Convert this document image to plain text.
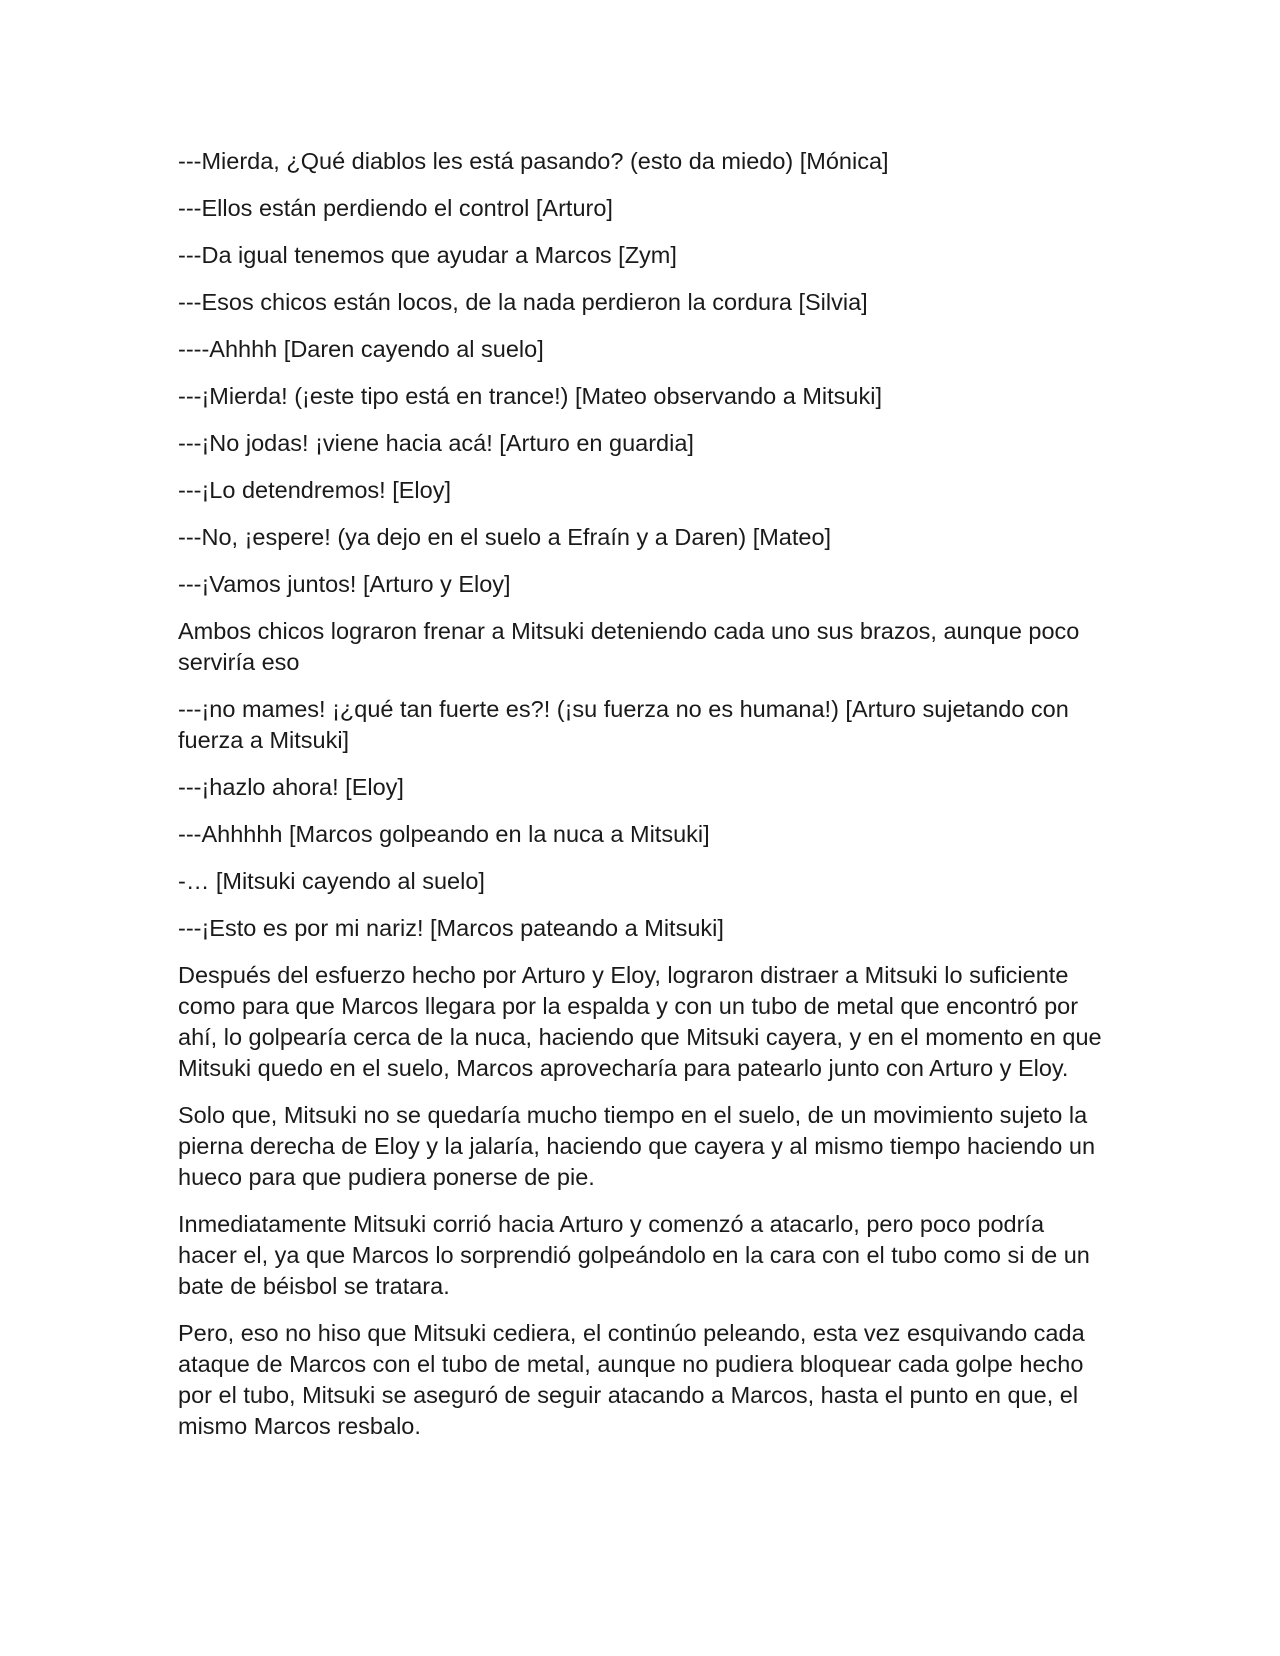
---Mierda, ¿Qué diablos les está pasando? (esto da miedo) [Mónica]

---Ellos están perdiendo el control [Arturo]

---Da igual tenemos que ayudar a Marcos [Zym]

---Esos chicos están locos, de la nada perdieron la cordura [Silvia]

----Ahhhh [Daren cayendo al suelo]

---¡Mierda! (¡este tipo está en trance!) [Mateo observando a Mitsuki]

---¡No jodas! ¡viene hacia acá! [Arturo en guardia]

---¡Lo detendremos! [Eloy]

---No, ¡espere! (ya dejo en el suelo a Efraín y a Daren) [Mateo]

---¡Vamos juntos! [Arturo y Eloy]

Ambos chicos lograron frenar a Mitsuki deteniendo cada uno sus brazos, aunque poco serviría eso

---¡no mames! ¡¿qué tan fuerte es?! (¡su fuerza no es humana!) [Arturo sujetando con fuerza a Mitsuki]

---¡hazlo ahora! [Eloy]

---Ahhhhh [Marcos golpeando en la nuca a Mitsuki]

-… [Mitsuki cayendo al suelo]

---¡Esto es por mi nariz! [Marcos pateando a Mitsuki]

Después del esfuerzo hecho por Arturo y Eloy, lograron distraer a Mitsuki lo suficiente como para que Marcos llegara por la espalda y con un tubo de metal que encontró por ahí, lo golpearía cerca de la nuca, haciendo que Mitsuki cayera, y en el momento en que Mitsuki quedo en el suelo, Marcos aprovecharía para patearlo junto con Arturo y Eloy.

Solo que, Mitsuki no se quedaría mucho tiempo en el suelo, de un movimiento sujeto la pierna derecha de Eloy y la jalaría, haciendo que cayera y al mismo tiempo haciendo un hueco para que pudiera ponerse de pie.

Inmediatamente Mitsuki corrió hacia Arturo y comenzó a atacarlo, pero poco podría hacer el, ya que Marcos lo sorprendió golpeándolo en la cara con el tubo como si de un bate de béisbol se tratara.

Pero, eso no hiso que Mitsuki cediera, el continúo peleando, esta vez esquivando cada ataque de Marcos con el tubo de metal, aunque no pudiera bloquear cada golpe hecho por el tubo, Mitsuki se aseguró de seguir atacando a Marcos, hasta el punto en que, el mismo Marcos resbalo.
